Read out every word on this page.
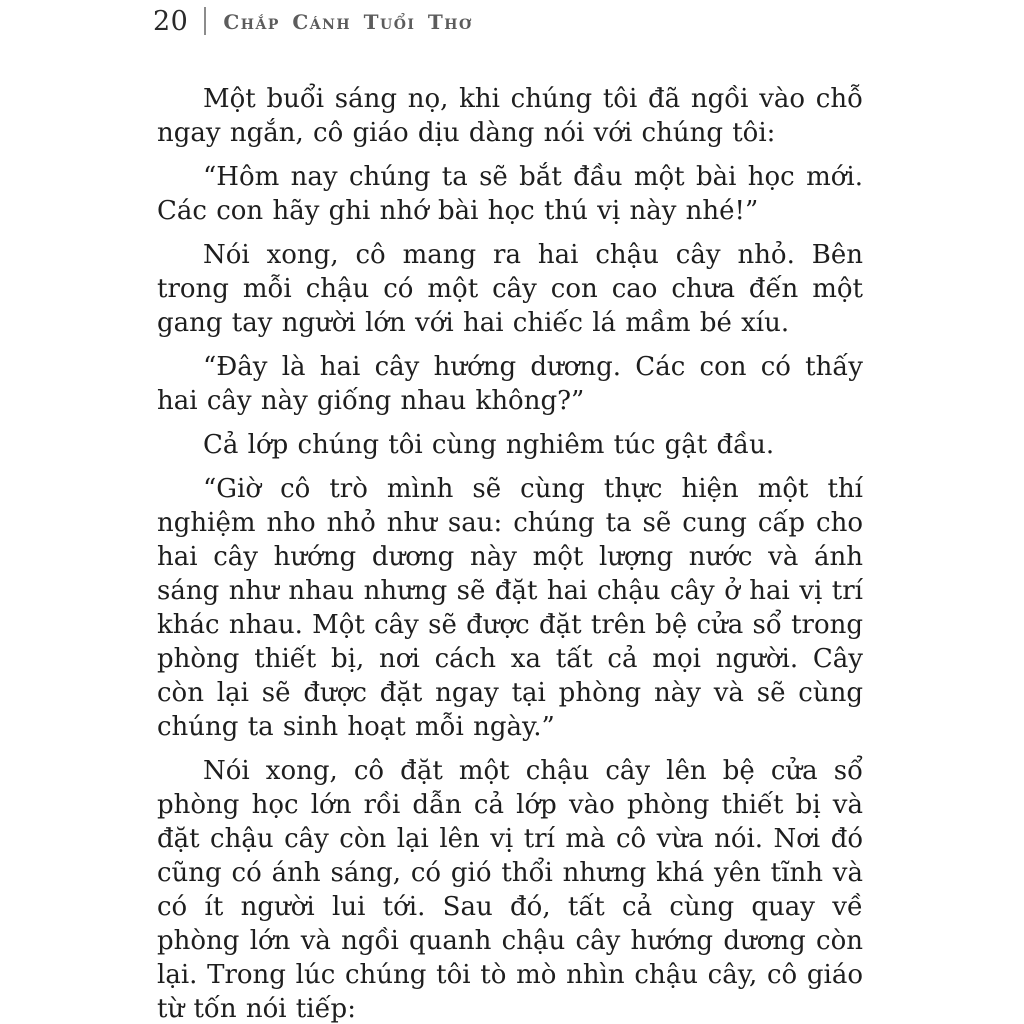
20 Chắp Cánh Tuổi Thơ

Một buổi sáng nọ, khi chúng tôi đã ngồi vào chỗ ngay ngắn, cô giáo dịu dàng nói với chúng tôi:

“Hôm nay chúng ta sẽ bắt đầu một bài học mới. Các con hãy ghi nhớ bài học thú vị này nhé!”

Nói xong, cô mang ra hai chậu cây nhỏ. Bên trong mỗi chậu có một cây con cao chưa đến một gang tay người lớn với hai chiếc lá mầm bé xíu.

“Đây là hai cây hướng dương. Các con có thấy hai cây này giống nhau không?”

Cả lớp chúng tôi cùng nghiêm túc gật đầu.

“Giờ cô trò mình sẽ cùng thực hiện một thí nghiệm nho nhỏ như sau: chúng ta sẽ cung cấp cho hai cây hướng dương này một lượng nước và ánh sáng như nhau nhưng sẽ đặt hai chậu cây ở hai vị trí khác nhau. Một cây sẽ được đặt trên bệ cửa sổ trong phòng thiết bị, nơi cách xa tất cả mọi người. Cây còn lại sẽ được đặt ngay tại phòng này và sẽ cùng chúng ta sinh hoạt mỗi ngày.”

Nói xong, cô đặt một chậu cây lên bệ cửa sổ phòng học lớn rồi dẫn cả lớp vào phòng thiết bị và đặt chậu cây còn lại lên vị trí mà cô vừa nói. Nơi đó cũng có ánh sáng, có gió thổi nhưng khá yên tĩnh và có ít người lui tới. Sau đó, tất cả cùng quay về phòng lớn và ngồi quanh chậu cây hướng dương còn lại. Trong lúc chúng tôi tò mò nhìn chậu cây, cô giáo từ tốn nói tiếp:
